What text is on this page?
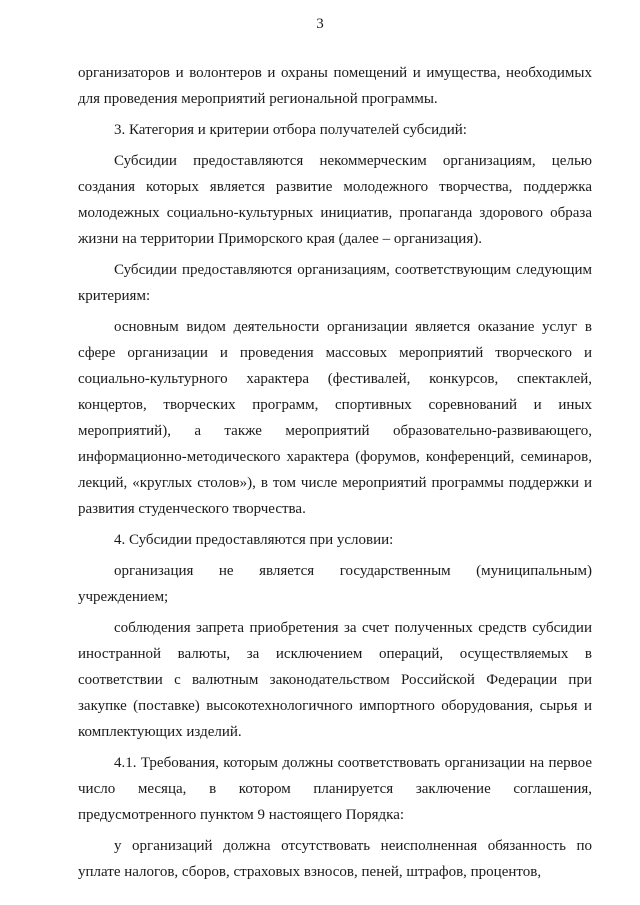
3

организаторов и волонтеров и охраны помещений и имущества, необходимых для проведения мероприятий региональной программы.

3. Категория и критерии отбора получателей субсидий:

Субсидии предоставляются некоммерческим организациям, целью создания которых является развитие молодежного творчества, поддержка молодежных социально-культурных инициатив, пропаганда здорового образа жизни на территории Приморского края (далее – организация).

Субсидии предоставляются организациям, соответствующим следующим критериям:

основным видом деятельности организации является оказание услуг в сфере организации и проведения массовых мероприятий творческого и социально-культурного характера (фестивалей, конкурсов, спектаклей, концертов, творческих программ, спортивных соревнований и иных мероприятий), а также мероприятий образовательно-развивающего, информационно-методического характера (форумов, конференций, семинаров, лекций, «круглых столов»), в том числе мероприятий программы поддержки и развития студенческого творчества.

4. Субсидии предоставляются при условии:

организация не является государственным (муниципальным) учреждением;

соблюдения запрета приобретения за счет полученных средств субсидии иностранной валюты, за исключением операций, осуществляемых в соответствии с валютным законодательством Российской Федерации при закупке (поставке) высокотехнологичного импортного оборудования, сырья и комплектующих изделий.

4.1. Требования, которым должны соответствовать организации на первое число месяца, в котором планируется заключение соглашения, предусмотренного пунктом 9 настоящего Порядка:

у организаций должна отсутствовать неисполненная обязанность по уплате налогов, сборов, страховых взносов, пеней, штрафов, процентов,
